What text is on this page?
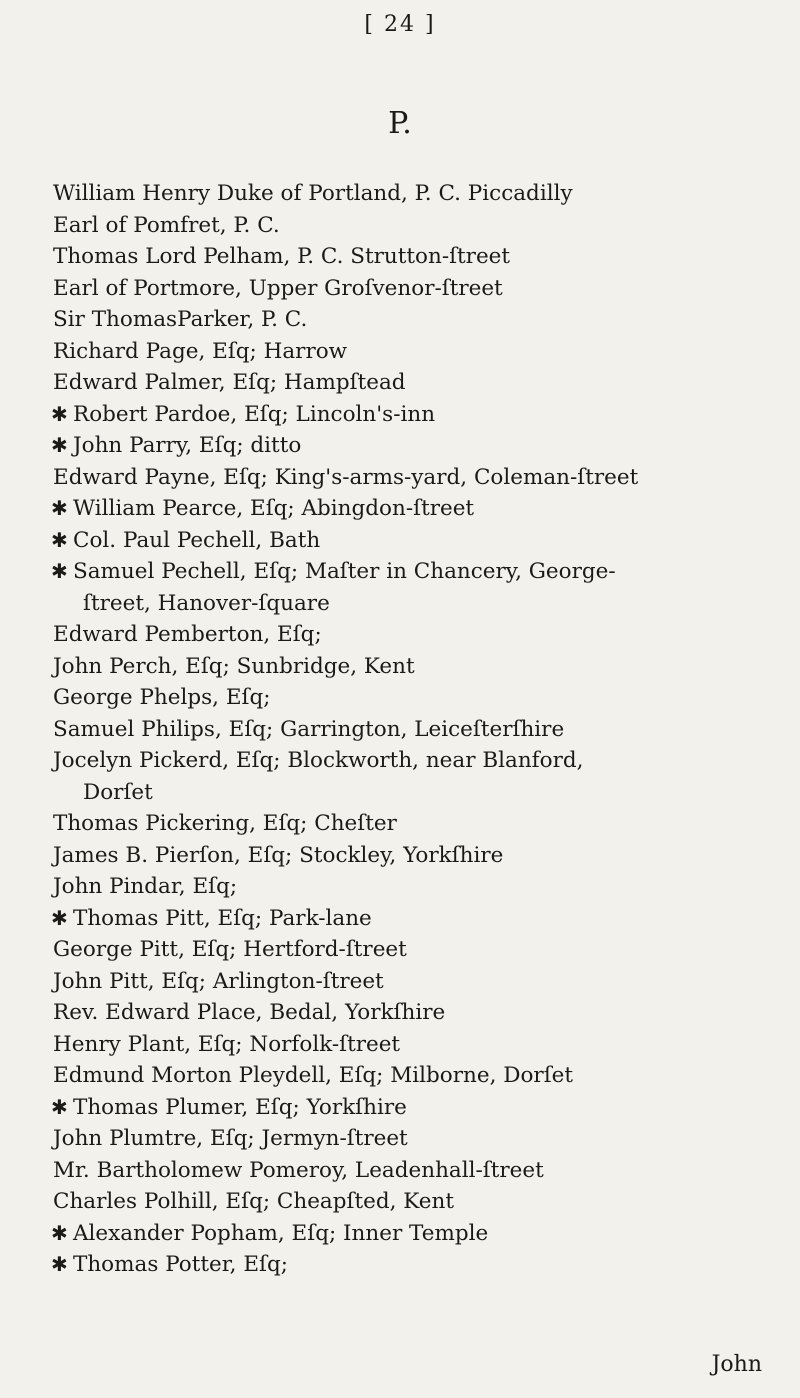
[ 24 ]
P.
William Henry Duke of Portland, P. C. Piccadilly
Earl of Pomfret, P. C.
Thomas Lord Pelham, P. C. Strutton-ſtreet
Earl of Portmore, Upper Groſvenor-ſtreet
Sir ThomasParker, P. C.
Richard Page, Eſq; Harrow
Edward Palmer, Eſq; Hampſtead
✱ Robert Pardoe, Eſq; Lincoln's-inn
✱ John Parry, Eſq; ditto
Edward Payne, Eſq; King's-arms-yard, Coleman-ſtreet
✱ William Pearce, Eſq; Abingdon-ſtreet
✱ Col. Paul Pechell, Bath
✱ Samuel Pechell, Eſq; Maſter in Chancery, George-
ſtreet, Hanover-ſquare
Edward Pemberton, Eſq;
John Perch, Eſq; Sunbridge, Kent
George Phelps, Eſq;
Samuel Philips, Eſq; Garrington, Leiceſterſhire
Jocelyn Pickerd, Eſq; Blockworth, near Blanford,
Dorſet
Thomas Pickering, Eſq; Cheſter
James B. Pierſon, Eſq; Stockley, Yorkſhire
John Pindar, Eſq;
✱ Thomas Pitt, Eſq; Park-lane
George Pitt, Eſq; Hertford-ſtreet
John Pitt, Eſq; Arlington-ſtreet
Rev. Edward Place, Bedal, Yorkſhire
Henry Plant, Eſq; Norfolk-ſtreet
Edmund Morton Pleydell, Eſq; Milborne, Dorſet
✱ Thomas Plumer, Eſq; Yorkſhire
John Plumtre, Eſq; Jermyn-ſtreet
Mr. Bartholomew Pomeroy, Leadenhall-ſtreet
Charles Polhill, Eſq; Cheapſted, Kent
✱ Alexander Popham, Eſq; Inner Temple
✱ Thomas Potter, Eſq;
John
